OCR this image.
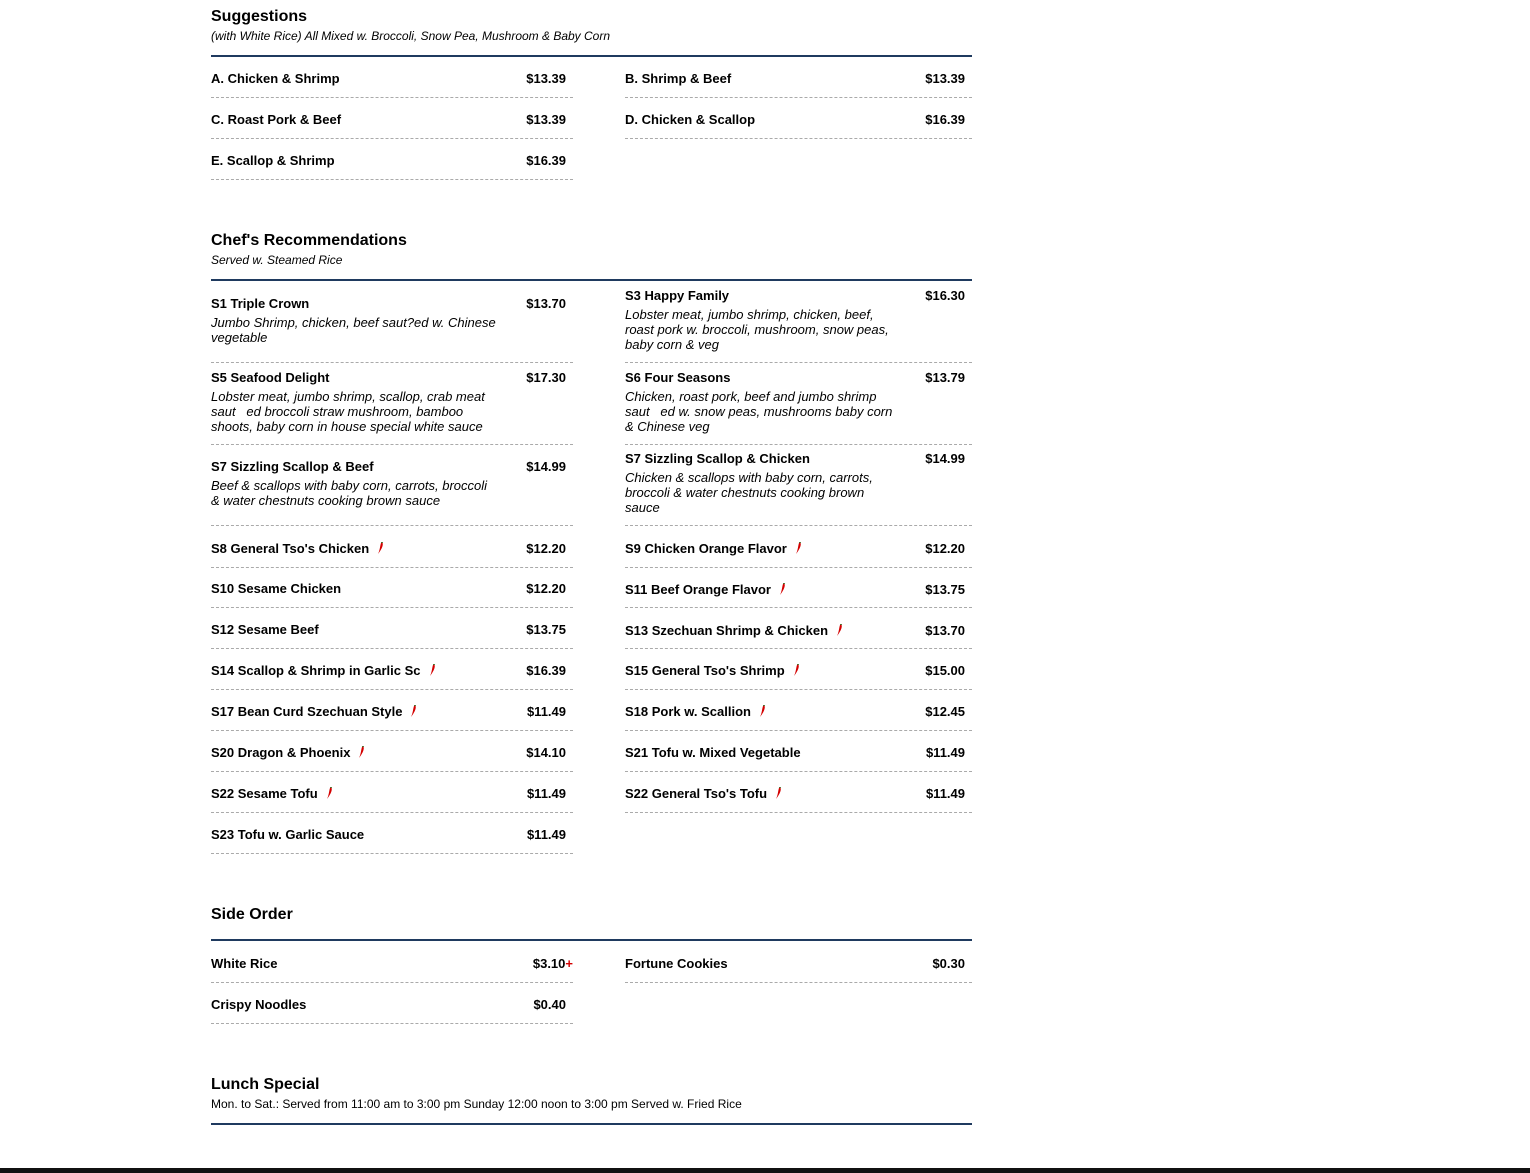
Suggestions
(with White Rice) All Mixed w. Broccoli, Snow Pea, Mushroom & Baby Corn
A. Chicken & Shrimp	$13.39	B. Shrimp & Beef	$13.39
C. Roast Pork & Beef	$13.39	D. Chicken & Scallop	$16.39
E. Scallop & Shrimp	$16.39
Chef's Recommendations
Served w. Steamed Rice
S1 Triple Crown	$13.70
Jumbo Shrimp, chicken, beef saut?ed w. Chinese vegetable
S3 Happy Family	$16.30
Lobster meat, jumbo shrimp, chicken, beef, roast pork w. broccoli, mushroom, snow peas, baby corn & veg
S5 Seafood Delight	$17.30
Lobster meat, jumbo shrimp, scallop, crab meat saut   ed broccoli straw mushroom, bamboo shoots, baby corn in house special white sauce
S6 Four Seasons	$13.79
Chicken, roast pork, beef and jumbo shrimp saut   ed w. snow peas, mushrooms baby corn & Chinese veg
S7 Sizzling Scallop & Beef	$14.99
Beef & scallops with baby corn, carrots, broccoli & water chestnuts cooking brown sauce
S7 Sizzling Scallop & Chicken	$14.99
Chicken & scallops with baby corn, carrots, broccoli & water chestnuts cooking brown sauce
S8 General Tso's Chicken	$12.20	S9 Chicken Orange Flavor	$12.20
S10 Sesame Chicken	$12.20	S11 Beef Orange Flavor	$13.75
S12 Sesame Beef	$13.75	S13 Szechuan Shrimp & Chicken	$13.70
S14 Scallop & Shrimp in Garlic Sc	$16.39	S15 General Tso's Shrimp	$15.00
S17 Bean Curd Szechuan Style	$11.49	S18 Pork w. Scallion	$12.45
S20 Dragon & Phoenix	$14.10	S21 Tofu w. Mixed Vegetable	$11.49
S22 Sesame Tofu	$11.49	S22 General Tso's Tofu	$11.49
S23 Tofu w. Garlic Sauce	$11.49
Side Order
White Rice	$3.10+	Fortune Cookies	$0.30
Crispy Noodles	$0.40
Lunch Special
Mon. to Sat.: Served from 11:00 am to 3:00 pm Sunday 12:00 noon to 3:00 pm Served w. Fried Rice
